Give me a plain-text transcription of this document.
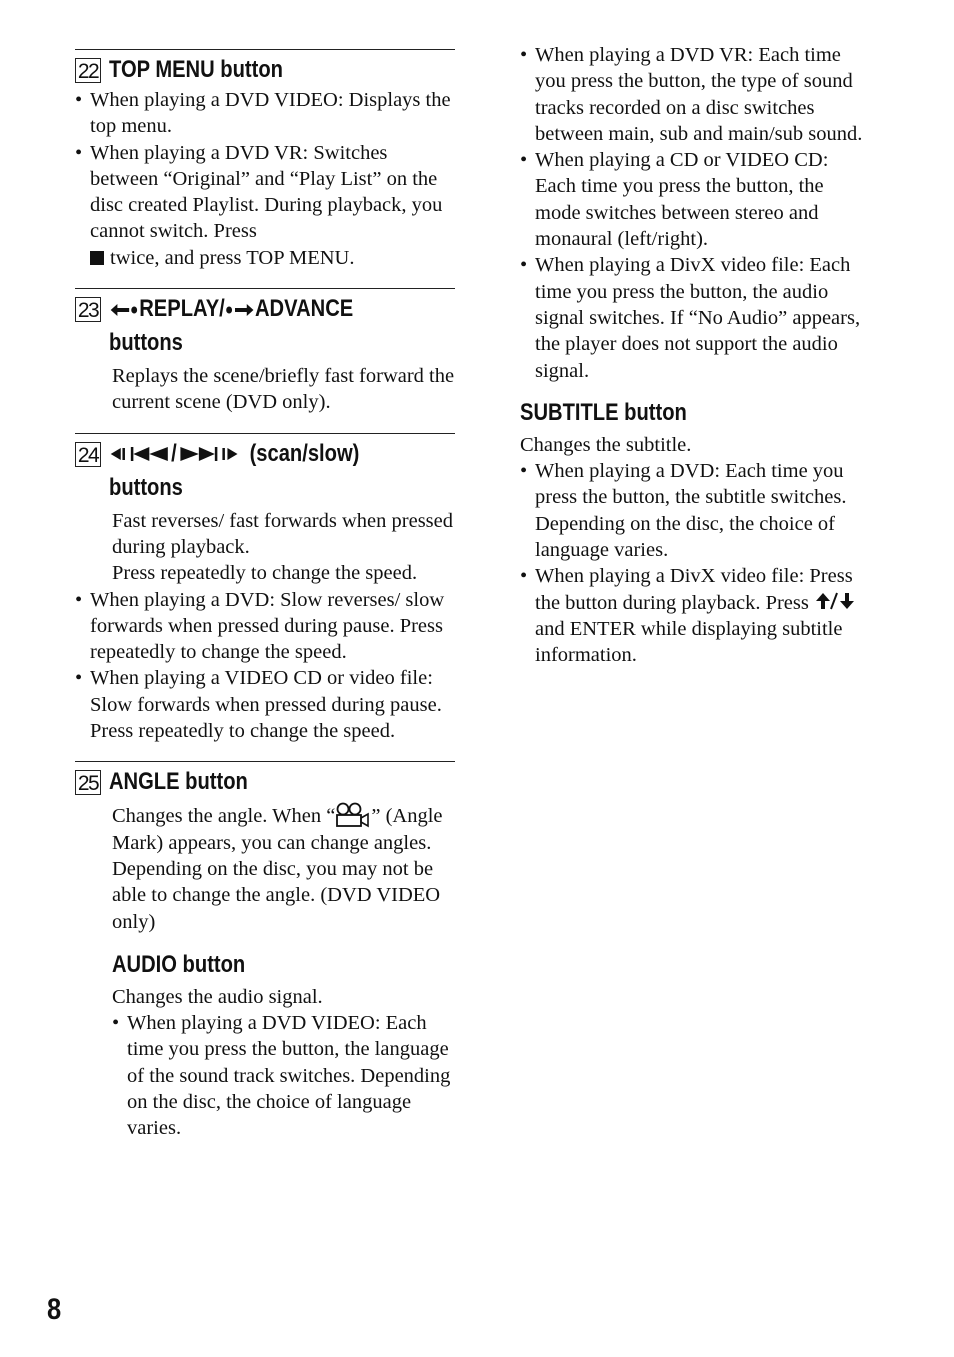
22 TOP MENU button
• When playing a DVD VIDEO: Displays the top menu.
• When playing a DVD VR: Switches between “Original” and “Play List” on the disc created Playlist. During playback, you cannot switch. Press
twice, and press TOP MENU.
23	REPLAY/ ADVANCE
buttons

Replays the scene/briefly fast forward the current scene (DVD only).

24	/	(scan/slow)
buttons

Fast reverses/ fast forwards when pressed during playback.

Press repeatedly to change the speed.

• When playing a DVD: Slow reverses/ slow forwards when pressed during pause. Press repeatedly to change the speed.
• When playing a VIDEO CD or video file: Slow forwards when pressed during pause. Press repeatedly to change the speed.
25 ANGLE button

Changes the angle. When “ ” (Angle Mark) appears, you can change angles. Depending on the disc, you may not be able to change the angle. (DVD VIDEO only)

AUDIO button

Changes the audio signal.

• When playing a DVD VIDEO: Each time you press the button, the language of the sound track switches. Depending on the disc, the choice of language varies.
• When playing a DVD VR: Each time you press the button, the type of sound tracks recorded on a disc switches between main, sub and main/sub sound.
• When playing a CD or VIDEO CD: Each time you press the button, the mode switches between stereo and monaural (left/right).
• When playing a DivX video file: Each time you press the button, the audio signal switches. If “No Audio” appears, the player does not support the audio signal.
SUBTITLE button

Changes the subtitle.

• When playing a DVD: Each time you press the button, the subtitle switches. Depending on the disc, the choice of language varies.
• When playing a DivX video file: Press the button during playback. Press and ENTER while displaying subtitle information.
8
